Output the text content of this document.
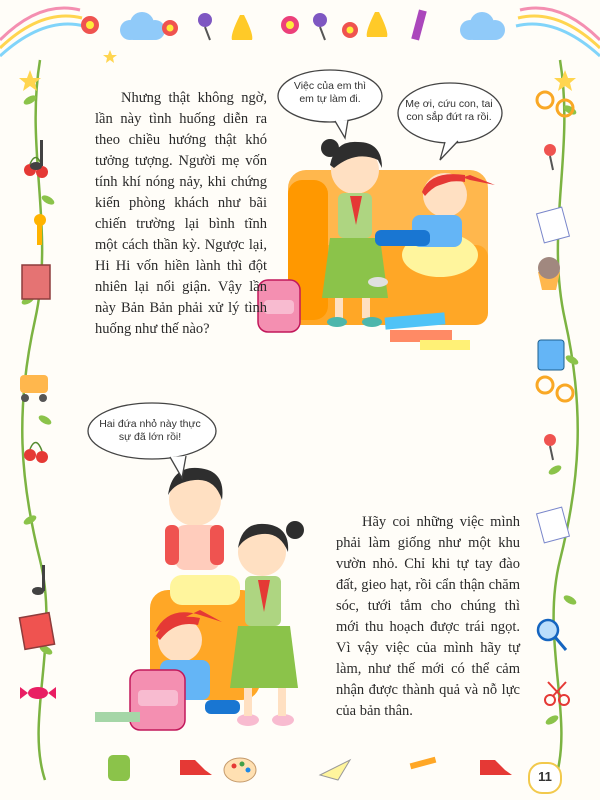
Nhưng thật không ngờ, lần này tình huống diễn ra theo chiều hướng thật khó tưởng tượng. Người mẹ vốn tính khí nóng nảy, khi chứng kiến phòng khách như bãi chiến trường lại bình tĩnh một cách thần kỳ. Ngược lại, Hi Hi vốn hiền lành thì đột nhiên lại nổi giận. Vậy lần này Bản Bản phải xử lý tình huống như thế nào?

Hãy coi những việc mình phải làm giống như một khu vườn nhỏ. Chỉ khi tự tay đào đất, gieo hạt, rồi cẩn thận chăm sóc, tưới tắm cho chúng thì mới thu hoạch được trái ngọt. Vì vậy việc của mình hãy tự làm, như thế mới có thể cảm nhận được thành quả và nỗ lực của bản thân.

Việc của em thì em tự làm đi.	Mẹ ơi, cứu con, tai con sắp đứt ra rồi.
Hai đứa nhỏ này thực sự đã lớn rồi!
11
